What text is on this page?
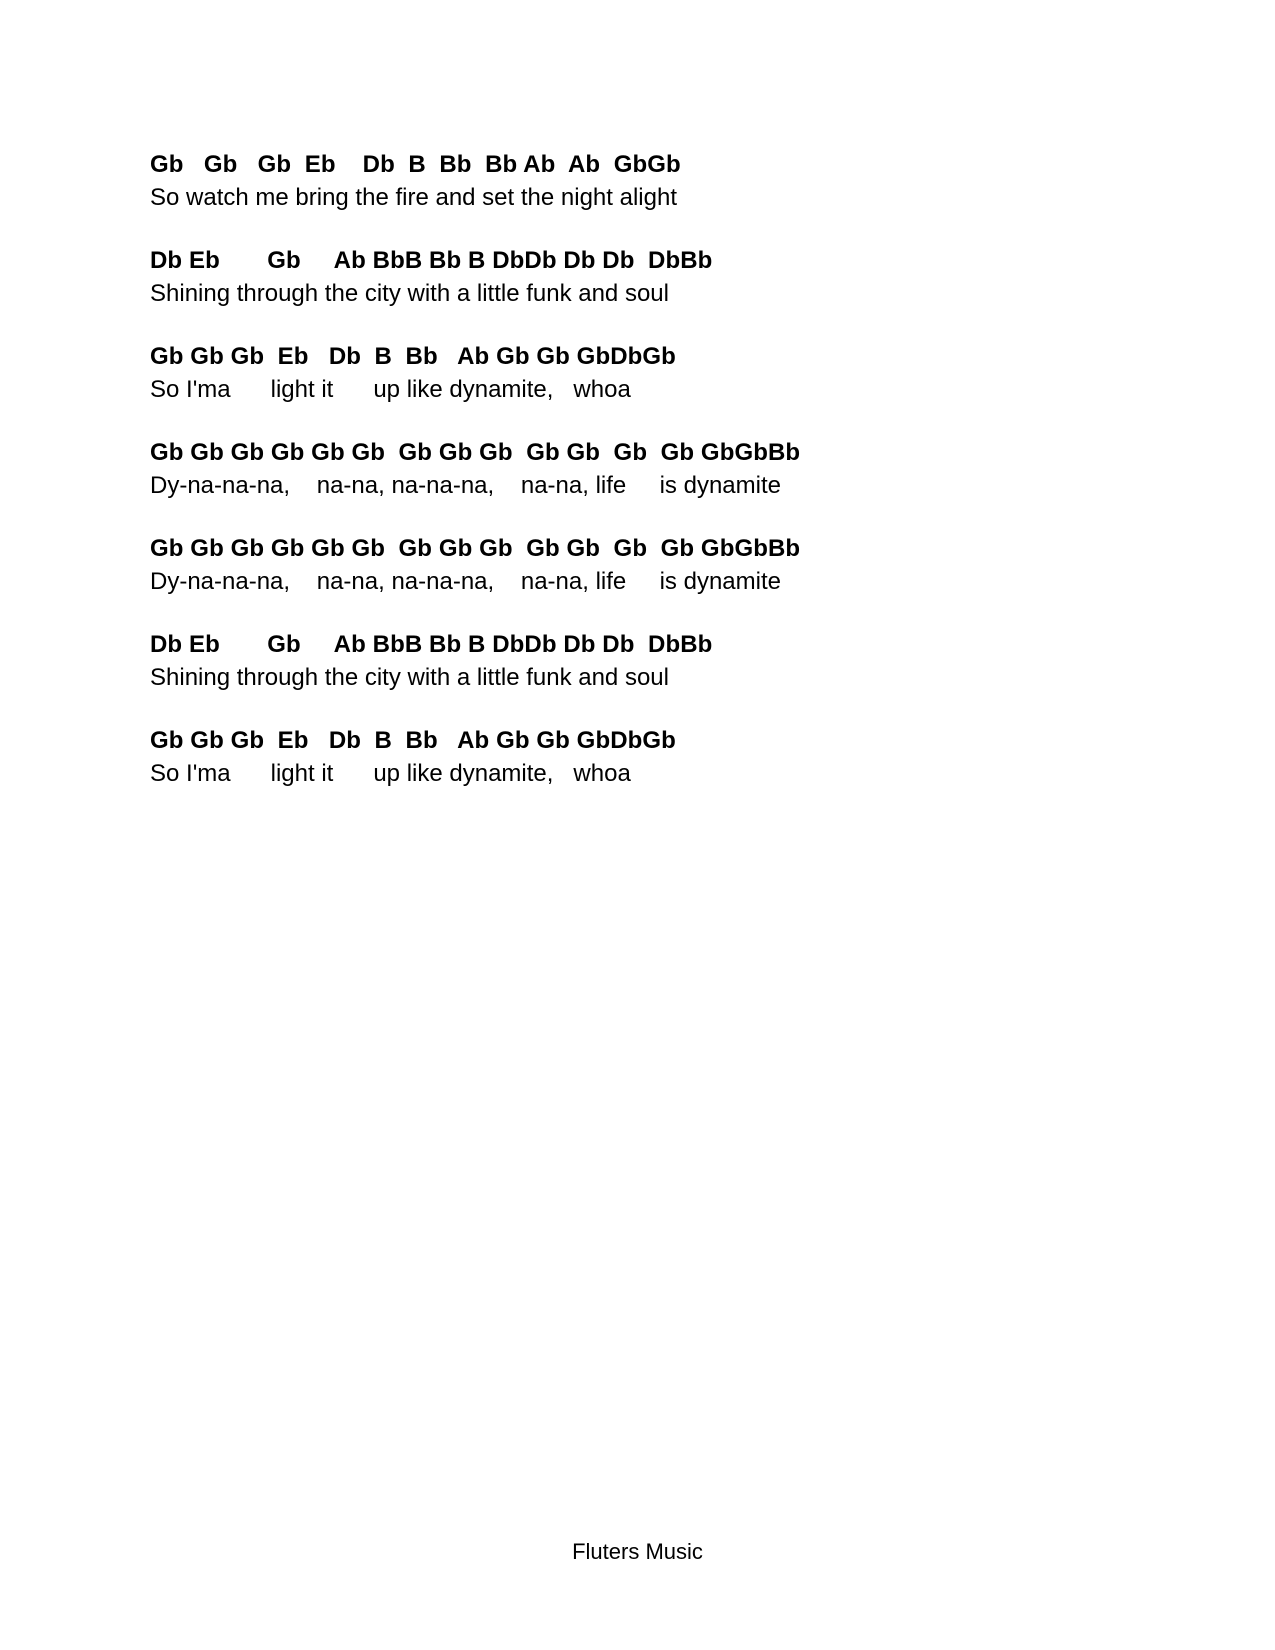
Gb   Gb   Gb  Eb    Db  B  Bb  Bb Ab  Ab  GbGb
So watch me bring the fire and set the night alight
Db Eb       Gb     Ab BbB Bb B DbDb Db Db  DbBb
Shining through the city with a little funk and soul
Gb Gb Gb  Eb   Db  B  Bb   Ab Gb Gb GbDbGb
So I'ma      light it      up like dynamite,   whoa
Gb Gb Gb Gb Gb Gb  Gb Gb Gb  Gb Gb  Gb  Gb GbGbBb
Dy-na-na-na,    na-na, na-na-na,    na-na, life     is dynamite
Gb Gb Gb Gb Gb Gb  Gb Gb Gb  Gb Gb  Gb  Gb GbGbBb
Dy-na-na-na,    na-na, na-na-na,    na-na, life     is dynamite
Db Eb       Gb     Ab BbB Bb B DbDb Db Db  DbBb
Shining through the city with a little funk and soul
Gb Gb Gb  Eb   Db  B  Bb   Ab Gb Gb GbDbGb
So I'ma      light it      up like dynamite,   whoa
Fluters Music
